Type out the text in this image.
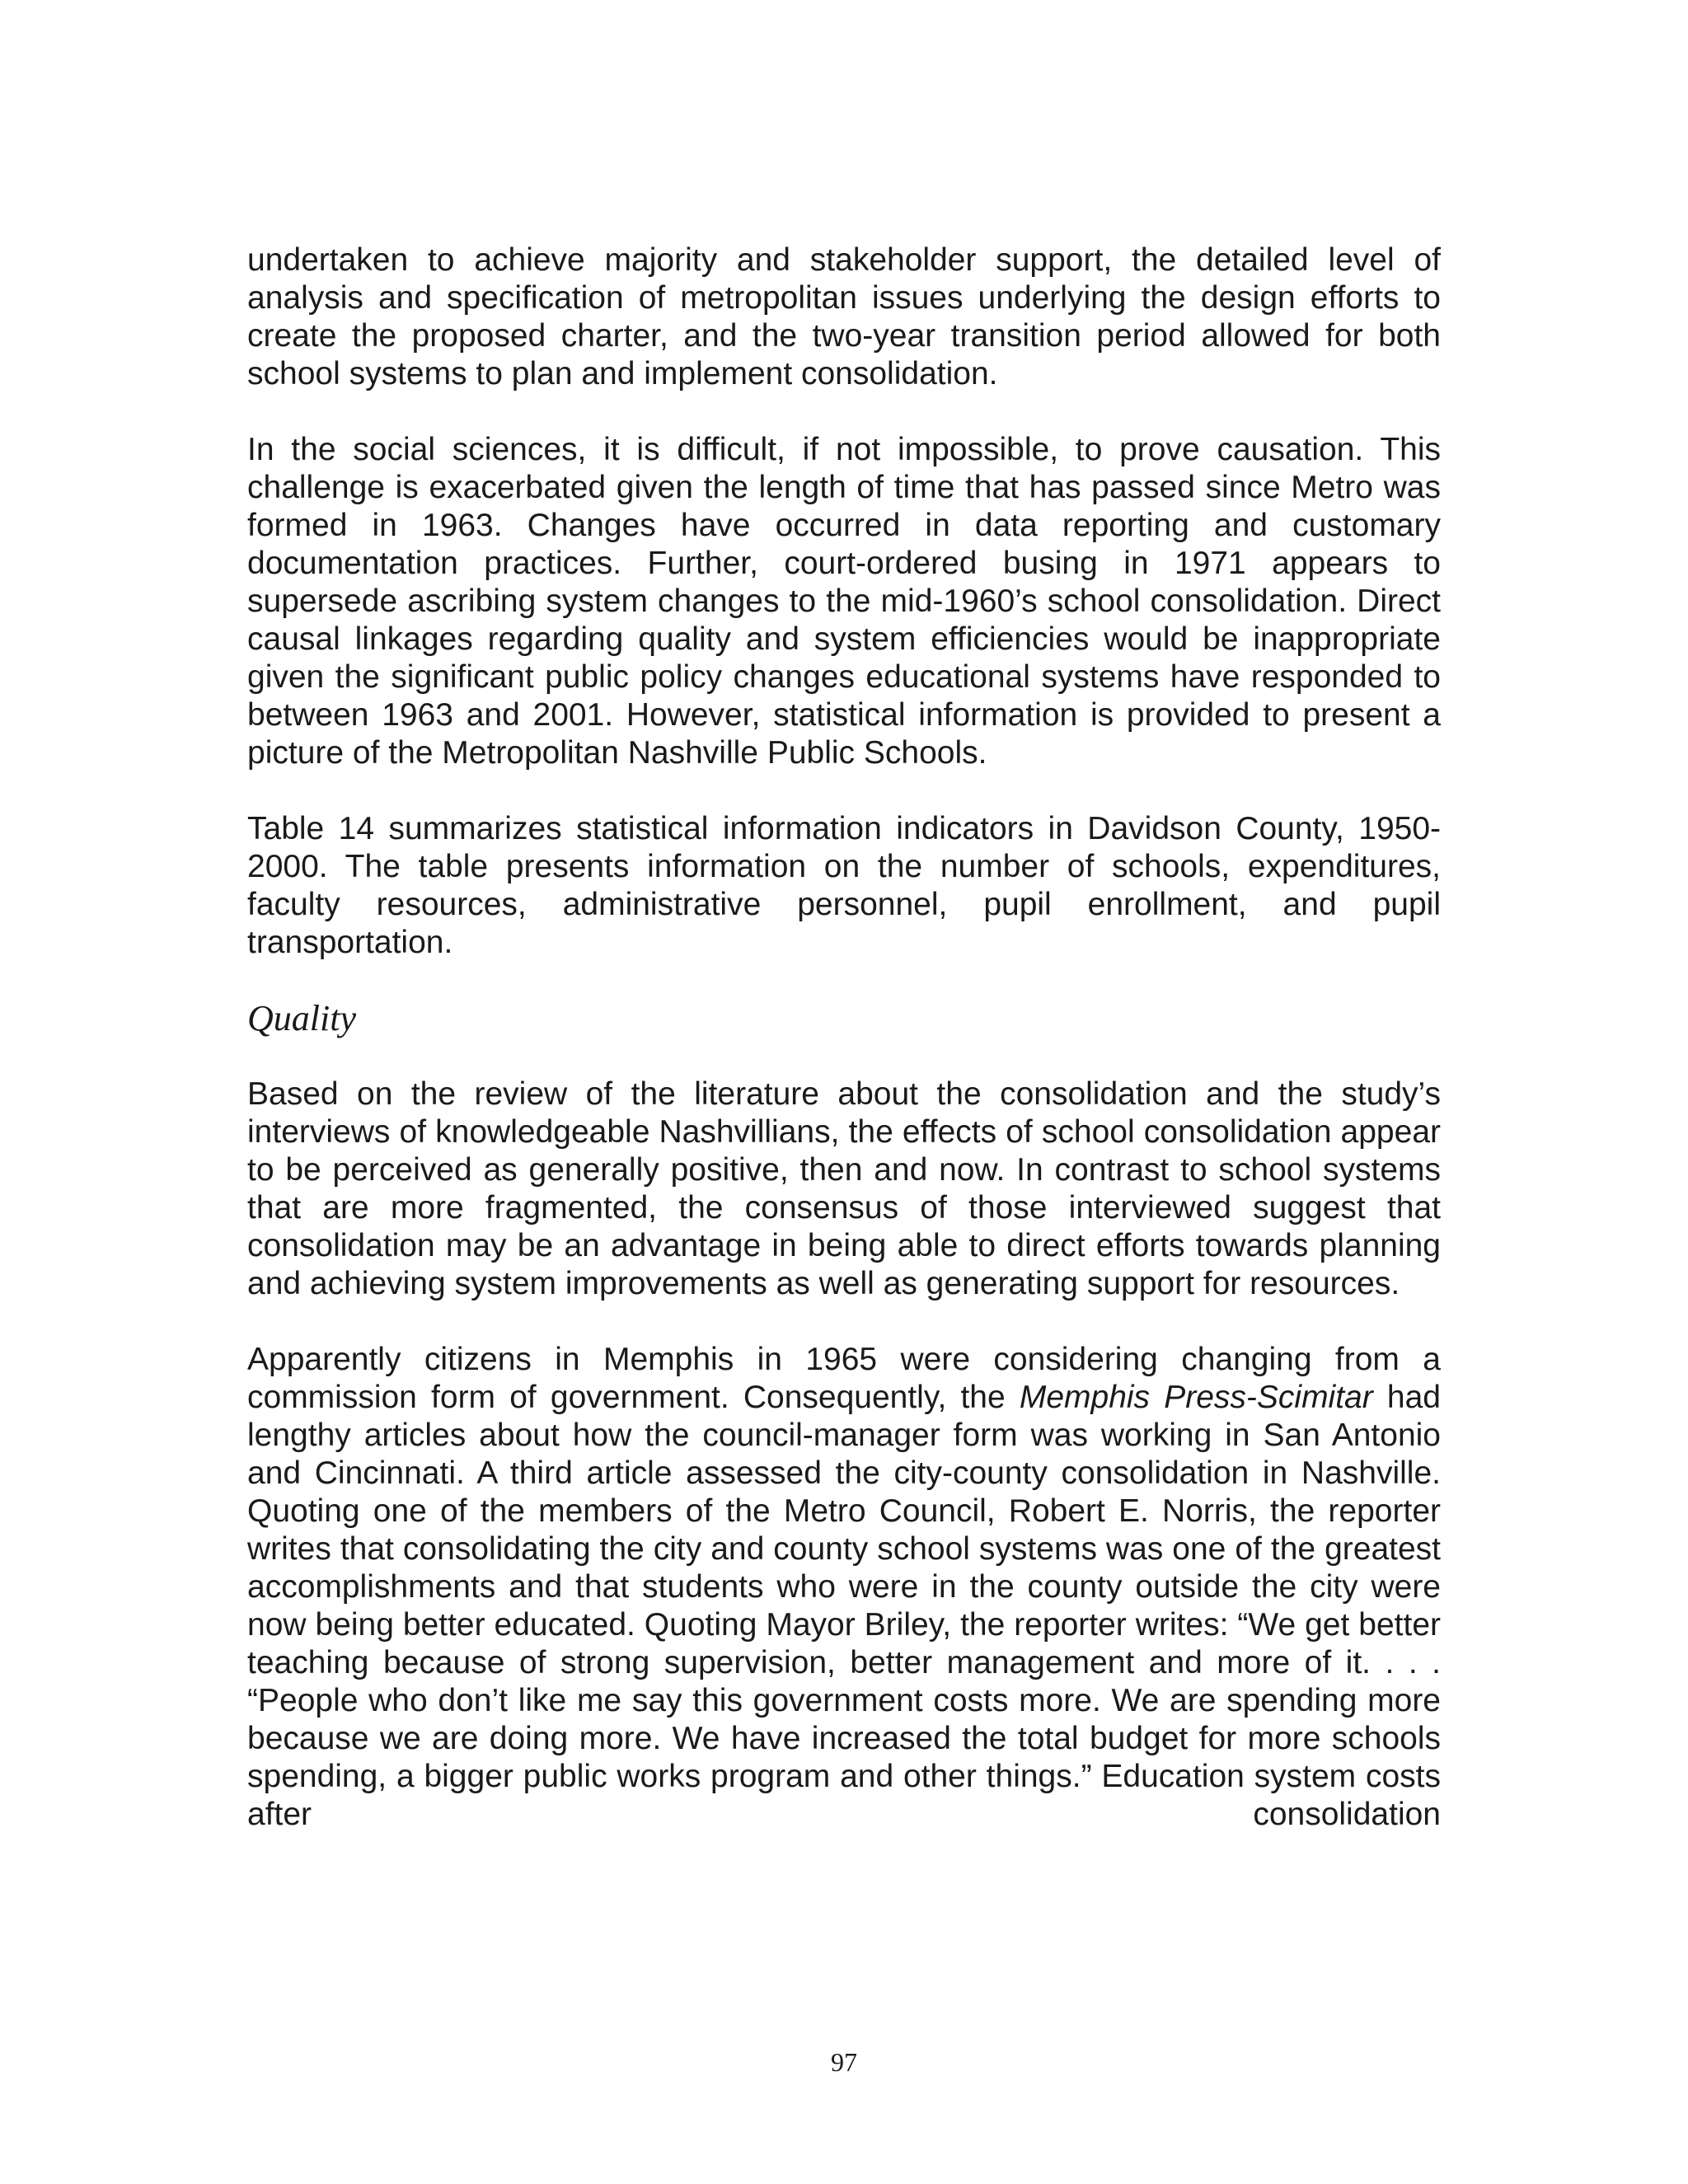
undertaken to achieve majority and stakeholder support, the detailed level of analysis and specification of metropolitan issues underlying the design efforts to create the proposed charter, and the two-year transition period allowed for both school systems to plan and implement consolidation.

In the social sciences, it is difficult, if not impossible, to prove causation. This challenge is exacerbated given the length of time that has passed since Metro was formed in 1963. Changes have occurred in data reporting and customary documentation practices. Further, court-ordered busing in 1971 appears to supersede ascribing system changes to the mid-1960’s school consolidation. Direct causal linkages regarding quality and system efficiencies would be inappropriate given the significant public policy changes educational systems have responded to between 1963 and 2001. However, statistical information is provided to present a picture of the Metropolitan Nashville Public Schools.

Table 14 summarizes statistical information indicators in Davidson County, 1950-2000. The table presents information on the number of schools, expenditures, faculty resources, administrative personnel, pupil enrollment, and pupil transportation.

Quality

Based on the review of the literature about the consolidation and the study’s interviews of knowledgeable Nashvillians, the effects of school consolidation appear to be perceived as generally positive, then and now. In contrast to school systems that are more fragmented, the consensus of those interviewed suggest that consolidation may be an advantage in being able to direct efforts towards planning and achieving system improvements as well as generating support for resources.

Apparently citizens in Memphis in 1965 were considering changing from a commission form of government. Consequently, the Memphis Press-Scimitar had lengthy articles about how the council-manager form was working in San Antonio and Cincinnati. A third article assessed the city-county consolidation in Nashville. Quoting one of the members of the Metro Council, Robert E. Norris, the reporter writes that consolidating the city and county school systems was one of the greatest accomplishments and that students who were in the county outside the city were now being better educated. Quoting Mayor Briley, the reporter writes: “We get better teaching because of strong supervision, better management and more of it. . . . “People who don’t like me say this government costs more. We are spending more because we are doing more. We have increased the total budget for more schools spending, a bigger public works program and other things.” Education system costs after consolidation

97
